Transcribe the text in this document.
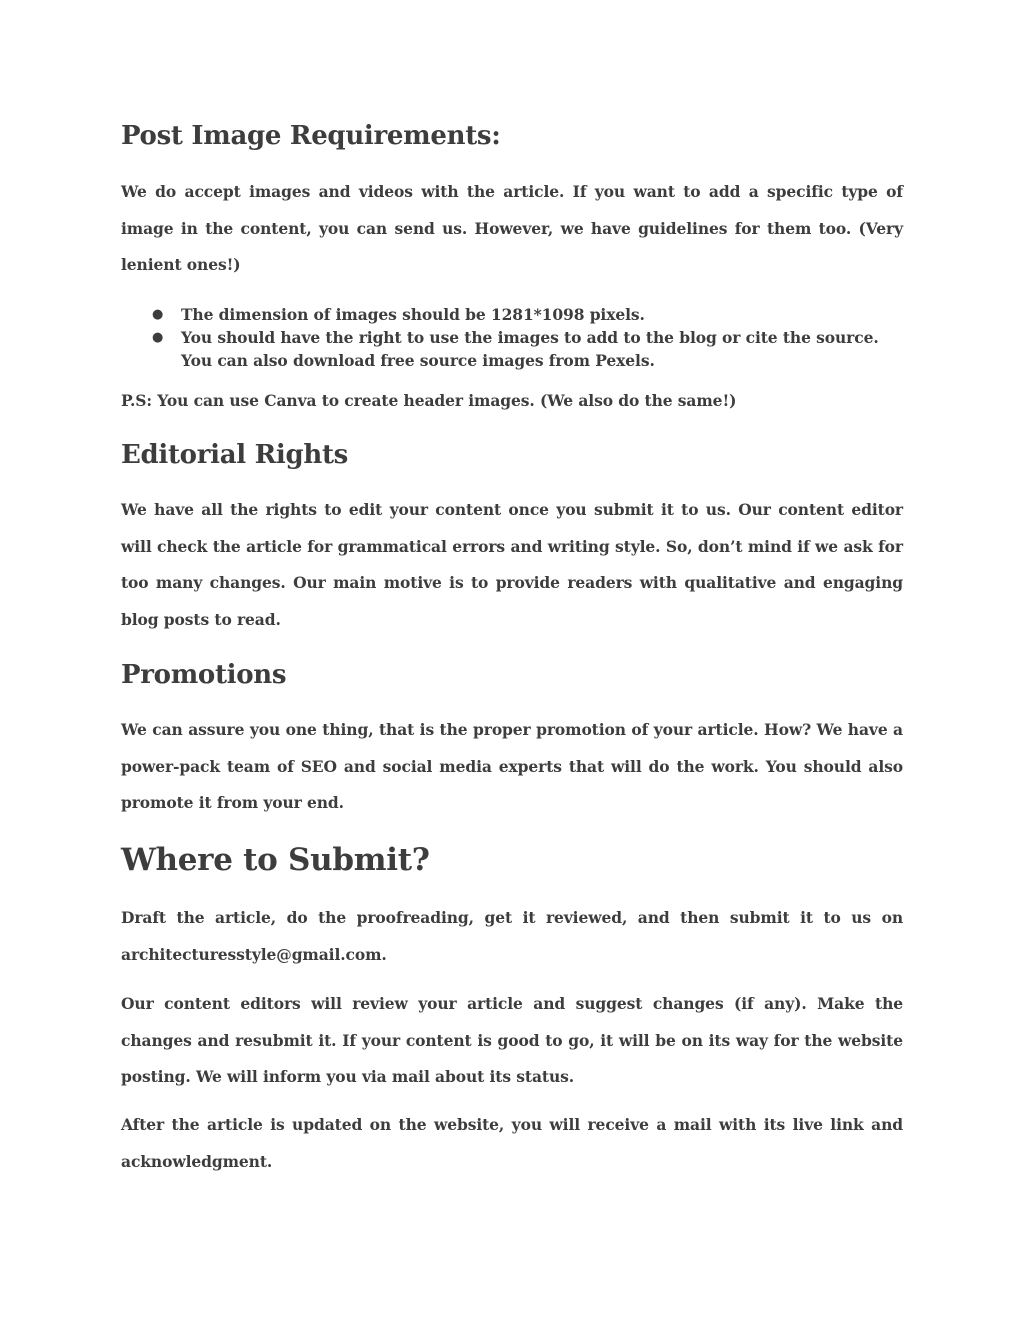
Post Image Requirements:

We do accept images and videos with the article. If you want to add a specific type of image in the content, you can send us. However, we have guidelines for them too. (Very lenient ones!)

● The dimension of images should be 1281*1098 pixels.
● You should have the right to use the images to add to the blog or cite the source. You can also download free source images from Pexels.

P.S: You can use Canva to create header images. (We also do the same!)

Editorial Rights

We have all the rights to edit your content once you submit it to us. Our content editor will check the article for grammatical errors and writing style. So, don’t mind if we ask for too many changes. Our main motive is to provide readers with qualitative and engaging blog posts to read.

Promotions

We can assure you one thing, that is the proper promotion of your article. How? We have a power-pack team of SEO and social media experts that will do the work. You should also promote it from your end.

Where to Submit?

Draft the article, do the proofreading, get it reviewed, and then submit it to us on architecturesstyle@gmail.com.

Our content editors will review your article and suggest changes (if any). Make the changes and resubmit it. If your content is good to go, it will be on its way for the website posting. We will inform you via mail about its status.

After the article is updated on the website, you will receive a mail with its live link and acknowledgment.
